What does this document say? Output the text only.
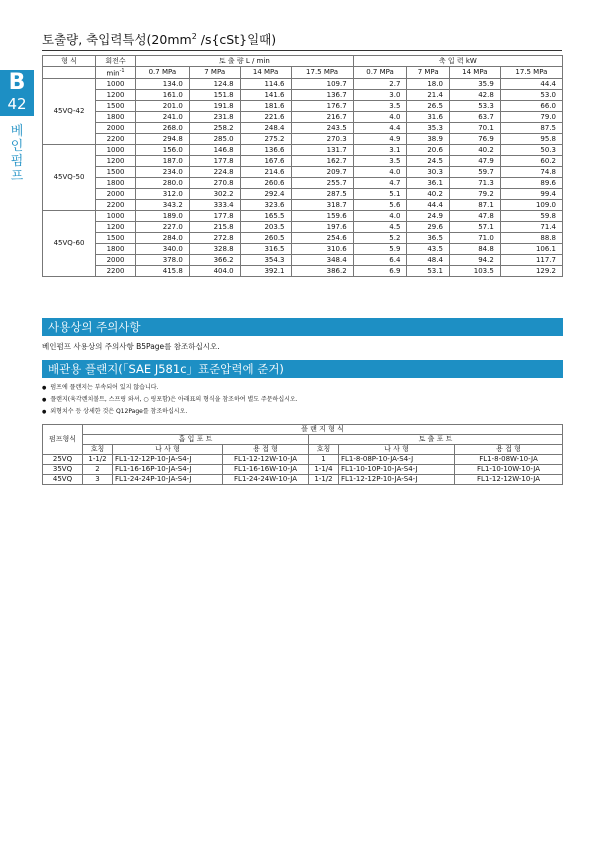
B
42
베
인
펌
프
토출량, 축입력특성($20mm^2$ /s{cSt}일때)
형 식	회전수	토 출 량 L / min				축 입 력 kW			
	$\min^{-1}$	0.7 MPa	7 MPa	14 MPa	17.5 MPa	0.7 MPa	7 MPa	14 MPa	17.5 MPa
45VQ-42	1000	134.0	124.8	114.6	109.7	2.7	18.0	35.9	44.4
	1200	161.0	151.8	141.6	136.7	3.0	21.4	42.8	53.0
	1500	201.0	191.8	181.6	176.7	3.5	26.5	53.3	66.0
	1800	241.0	231.8	221.6	216.7	4.0	31.6	63.7	79.0
	2000	268.0	258.2	248.4	243.5	4.4	35.3	70.1	87.5
	2200	294.8	285.0	275.2	270.3	4.9	38.9	76.9	95.8
45VQ-50	1000	156.0	146.8	136.6	131.7	3.1	20.6	40.2	50.3
	1200	187.0	177.8	167.6	162.7	3.5	24.5	47.9	60.2
	1500	234.0	224.8	214.6	209.7	4.0	30.3	59.7	74.8
	1800	280.0	270.8	260.6	255.7	4.7	36.1	71.3	89.6
	2000	312.0	302.2	292.4	287.5	5.1	40.2	79.2	99.4
	2200	343.2	333.4	323.6	318.7	5.6	44.4	87.1	109.0
45VQ-60	1000	189.0	177.8	165.5	159.6	4.0	24.9	47.8	59.8
	1200	227.0	215.8	203.5	197.6	4.5	29.6	57.1	71.4
	1500	284.0	272.8	260.5	254.6	5.2	36.5	71.0	88.8
	1800	340.0	328.8	316.5	310.6	5.9	43.5	84.8	106.1
	2000	378.0	366.2	354.3	348.4	6.4	48.4	94.2	117.7
	2200	415.8	404.0	392.1	386.2	6.9	53.1	103.5	129.2
사용상의 주의사항
베인펌프 사용상의 주의사항 B5Page를 참조하십시오.
배관용 플랜지(「SAE J581c」표준압력에 준거)
● 펌프에 플랜지는 부속되어 있지 않습니다.
● 플랜지(육각렌치볼트, 스프링 와셔, ○ 링포함)은 아래표의 형식을 참조하여 별도 주문하십시오.
● 외형치수 등 상세한 것은 Q12Page를 참조하십시오.
펌프형식	플 랜 지 형 식					
	흡 입 포 트			토 출 포 트		
	호칭	나 사 형	용 접 형	호칭	나 사 형	용 접 형
25VQ	1-1/2	FL1-12-12P-10-JA-S4-J	FL1-12-12W-10-JA	1	FL1-8-08P-10-JA-S4-J	FL1-8-08W-10-JA
35VQ	2	FL1-16-16P-10-JA-S4-J	FL1-16-16W-10-JA	1-1/4	FL1-10-10P-10-JA-S4-J	FL1-10-10W-10-JA
45VQ	3	FL1-24-24P-10-JA-S4-J	FL1-24-24W-10-JA	1-1/2	FL1-12-12P-10-JA-S4-J	FL1-12-12W-10-JA
